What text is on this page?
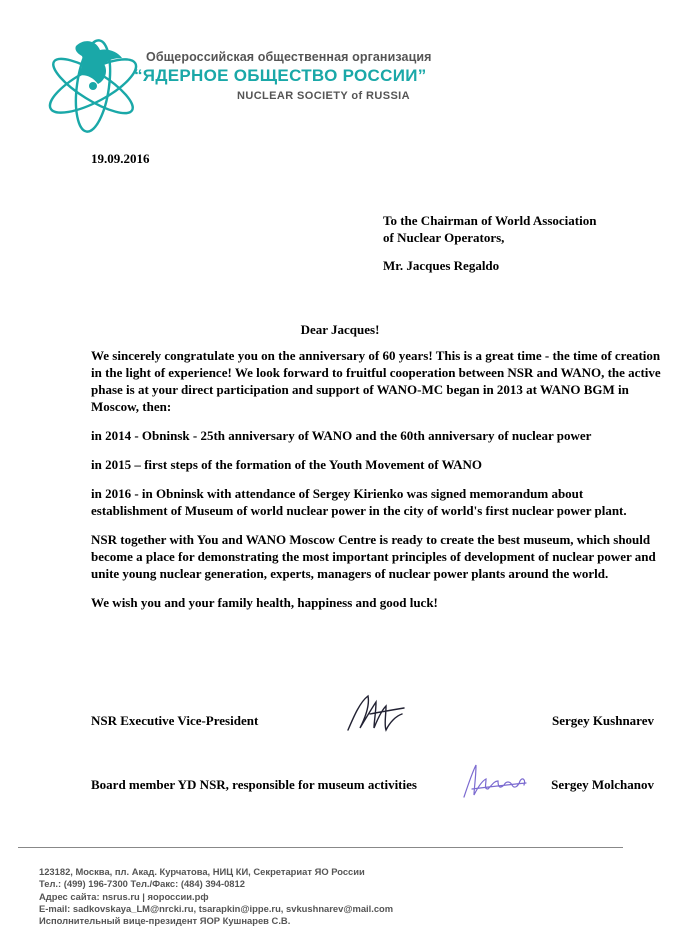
Общероссийская общественная организация
“ЯДЕРНОЕ ОБЩЕСТВО РОССИИ”
NUCLEAR SOCIETY of RUSSIA
19.09.2016
To the Chairman of World Association
of Nuclear Operators,
Mr. Jacques Regaldo
Dear Jacques!

We sincerely congratulate you on the anniversary of 60 years! This is a great time - the time of creation in the light of experience! We look forward to fruitful cooperation between NSR and WANO, the active phase is at your direct participation and support of WANO-MC began in 2013 at WANO BGM in Moscow, then:

in 2014 - Obninsk - 25th anniversary of WANO and the 60th anniversary of nuclear power

in 2015 – first steps of the formation of the Youth Movement of WANO

in 2016 - in Obninsk with attendance of Sergey Kirienko was signed memorandum about establishment of Museum of world nuclear power in the city of world's first nuclear power plant.

NSR together with You and WANO Moscow Centre is ready to create the best museum, which should become a place for demonstrating the most important principles of development of nuclear power and unite young nuclear generation, experts, managers of nuclear power plants around the world.

We wish you and your family health, happiness and good luck!

NSR Executive Vice-President	Sergey Kushnarev
Board member YD NSR, responsible for museum activities	Sergey Molchanov
123182, Москва, пл. Акад. Курчатова, НИЦ КИ, Секретариат ЯО России
Тел.: (499) 196-7300 Тел./Факс: (484) 394-0812
Адрес сайта: nsrus.ru | яороссии.рф
E-mail: sadkovskaya_LM@nrcki.ru, tsarapkin@ippe.ru, svkushnarev@mail.com
Исполнительный вице-президент ЯОР Кушнарев С.В.
